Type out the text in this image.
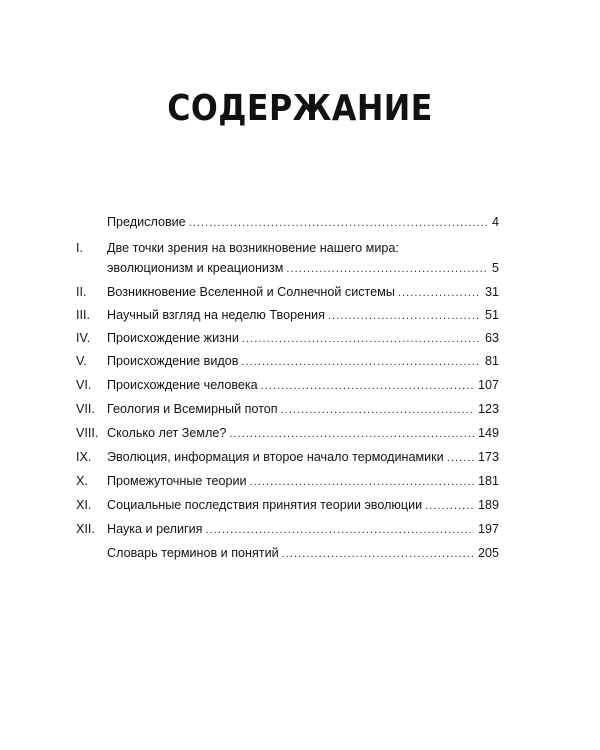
СОДЕРЖАНИЕ
Предисловие . . .	4
I. Две точки зрения на возникновение нашего мира:
эволюционизм и креационизм . . .	5
II. Возникновение Вселенной и Солнечной системы . . .	31
III. Научный взгляд на неделю Творения . . .	51
IV. Происхождение жизни . . .	63
V. Происхождение видов . . .	81
VI. Происхождение человека . . .	107
VII. Геология и Всемирный потоп . . .	123
VIII. Сколько лет Земле? . . .	149
IX. Эволюция, информация и второе начало термодинамики . . .	173
X. Промежуточные теории . . .	181
XI. Социальные последствия принятия теории эволюции . . .	189
XII. Наука и религия . . .	197
Словарь терминов и понятий . . .	205
